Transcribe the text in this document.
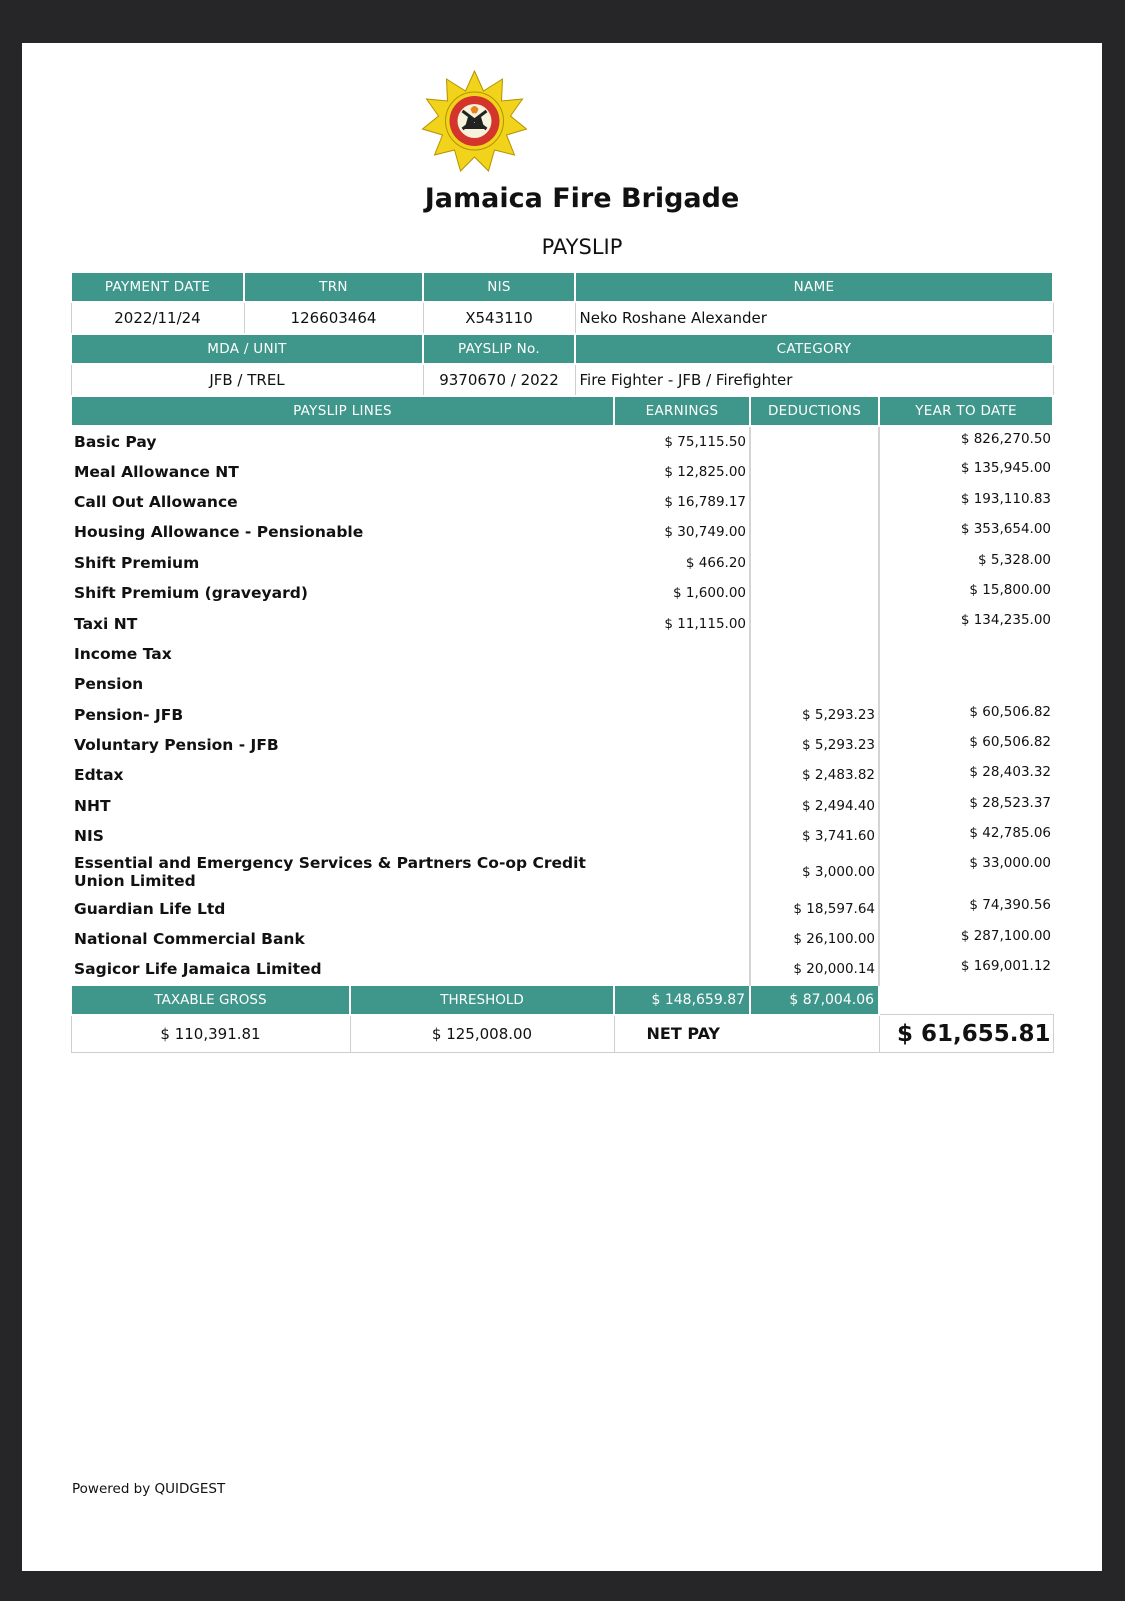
Jamaica Fire Brigade
PAYSLIP
PAYMENT DATE	TRN	NIS	NAME
2022/11/24	126603464	X543110	Neko Roshane Alexander
MDA / UNIT	PAYSLIP No.	CATEGORY
JFB / TREL	9370670 / 2022	Fire Fighter - JFB / Firefighter
PAYSLIP LINES		EARNINGS	DEDUCTIONS	YEAR TO DATE
Basic Pay		$ 75,115.50		$ 826,270.50
Meal Allowance NT		$ 12,825.00		$ 135,945.00
Call Out Allowance		$ 16,789.17		$ 193,110.83
Housing Allowance - Pensionable		$ 30,749.00		$ 353,654.00
Shift Premium		$ 466.20		$ 5,328.00
Shift Premium (graveyard)		$ 1,600.00		$ 15,800.00
Taxi NT		$ 11,115.00		$ 134,235.00
Income Tax				
Pension				
Pension- JFB			$ 5,293.23	$ 60,506.82
Voluntary Pension - JFB			$ 5,293.23	$ 60,506.82
Edtax			$ 2,483.82	$ 28,403.32
NHT			$ 2,494.40	$ 28,523.37
NIS			$ 3,741.60	$ 42,785.06
Essential and Emergency Services & Partners Co-op Credit Union Limited			$ 3,000.00	$ 33,000.00
Guardian Life Ltd			$ 18,597.64	$ 74,390.56
National Commercial Bank			$ 26,100.00	$ 287,100.00
Sagicor Life Jamaica Limited			$ 20,000.14	$ 169,001.12
TAXABLE GROSS	THRESHOLD	$ 148,659.87	$ 87,004.06	
$ 110,391.81	$ 125,008.00	NET PAY		$ 61,655.81
Powered by QUIDGEST
